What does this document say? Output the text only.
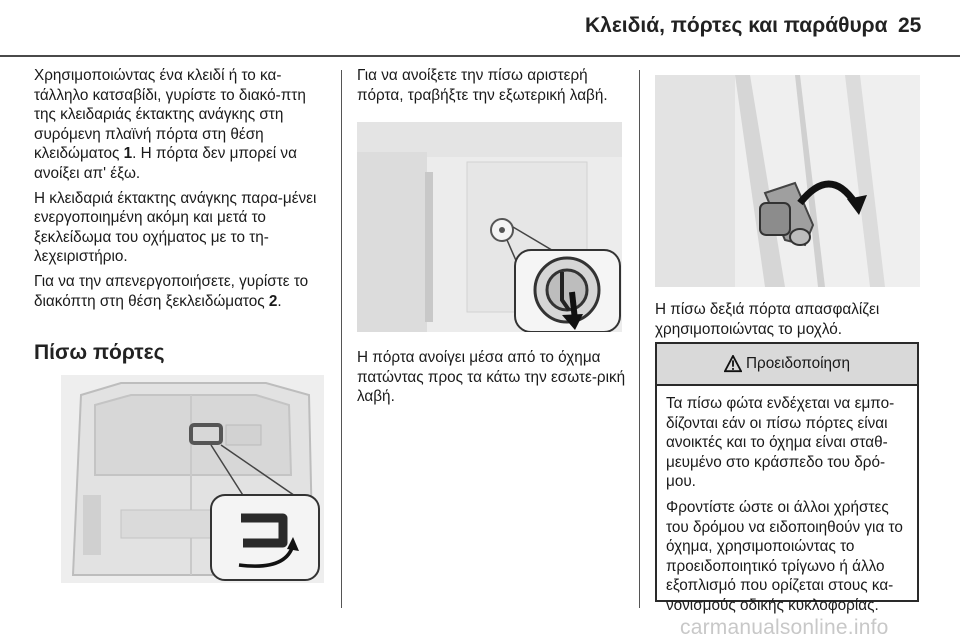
Κλειδιά, πόρτες και παράθυρα 25

Χρησιμοποιώντας ένα κλειδί ή το κα-τάλληλο κατσαβίδι, γυρίστε το διακό-πτη της κλειδαριάς έκτακτης ανάγκης στη συρόμενη πλαϊνή πόρτα στη θέση κλειδώματος 1. Η πόρτα δεν μπορεί να ανοίξει απ' έξω.

Η κλειδαριά έκτακτης ανάγκης παρα-μένει ενεργοποιημένη ακόμη και μετά το ξεκλείδωμα του οχήματος με το τη-λεχειριστήριο.

Για να την απενεργοποιήσετε, γυρίστε το διακόπτη στη θέση ξεκλειδώματος 2.

Πίσω πόρτες

Για να ανοίξετε την πίσω αριστερή πόρτα, τραβήξτε την εξωτερική λαβή.

Η πόρτα ανοίγει μέσα από το όχημα πατώντας προς τα κάτω την εσωτε-ρική λαβή.
Η πίσω δεξιά πόρτα απασφαλίζει χρησιμοποιώντας το μοχλό.
Προειδοποίηση

Τα πίσω φώτα ενδέχεται να εμπο-δίζονται εάν οι πίσω πόρτες είναι ανοικτές και το όχημα είναι σταθ-μευμένο στο κράσπεδο του δρό-μου.

Φροντίστε ώστε οι άλλοι χρήστες του δρόμου να ειδοποιηθούν για το όχημα, χρησιμοποιώντας το προειδοποιητικό τρίγωνο ή άλλο εξοπλισμό που ορίζεται στους κα-νονισμούς οδικής κυκλοφορίας.

carmanualsonline.info
